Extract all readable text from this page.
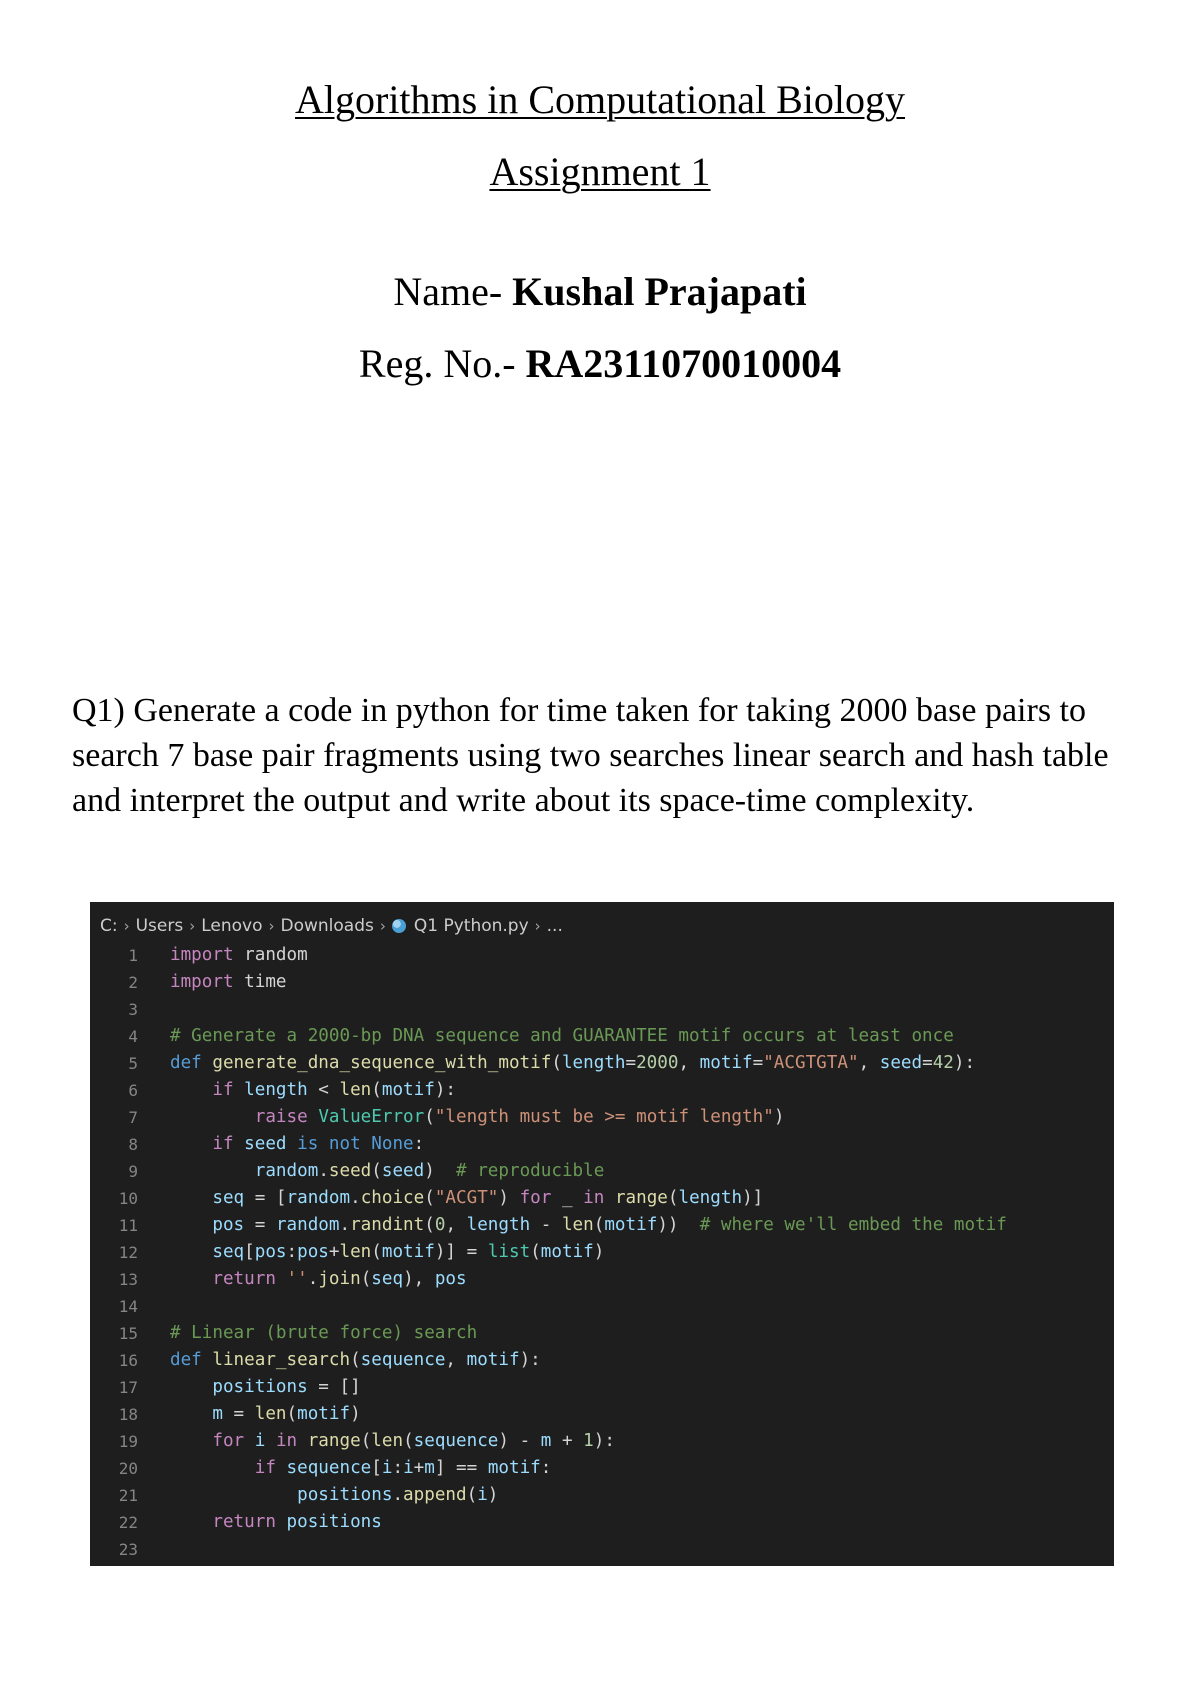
Algorithms in Computational Biology
Assignment 1

Name- Kushal Prajapati

Reg. No.- RA2311070010004

Q1) Generate a code in python for time taken for taking 2000 base pairs to search 7 base pair fragments using two searches linear search and hash table and interpret the output and write about its space-time complexity.

C: › Users › Lenovo › Downloads › Q1 Python.py › ...
1	import random
2	import time
3
4	# Generate a 2000-bp DNA sequence and GUARANTEE motif occurs at least once
5	def generate_dna_sequence_with_motif(length=2000, motif="ACGTGTA", seed=42):
6	if length < len(motif):
7	raise ValueError("length must be >= motif length")
8	if seed is not None:
9	random.seed(seed)  # reproducible
10	seq = [random.choice("ACGT") for _ in range(length)]
11	pos = random.randint(0, length - len(motif))  # where we'll embed the motif
12	seq[pos:pos+len(motif)] = list(motif)
13	return ''.join(seq), pos
14
15	# Linear (brute force) search
16	def linear_search(sequence, motif):
17	positions = []
18	m = len(motif)
19	for i in range(len(sequence) - m + 1):
20	if sequence[i:i+m] == motif:
21	positions.append(i)
22	return positions
23
